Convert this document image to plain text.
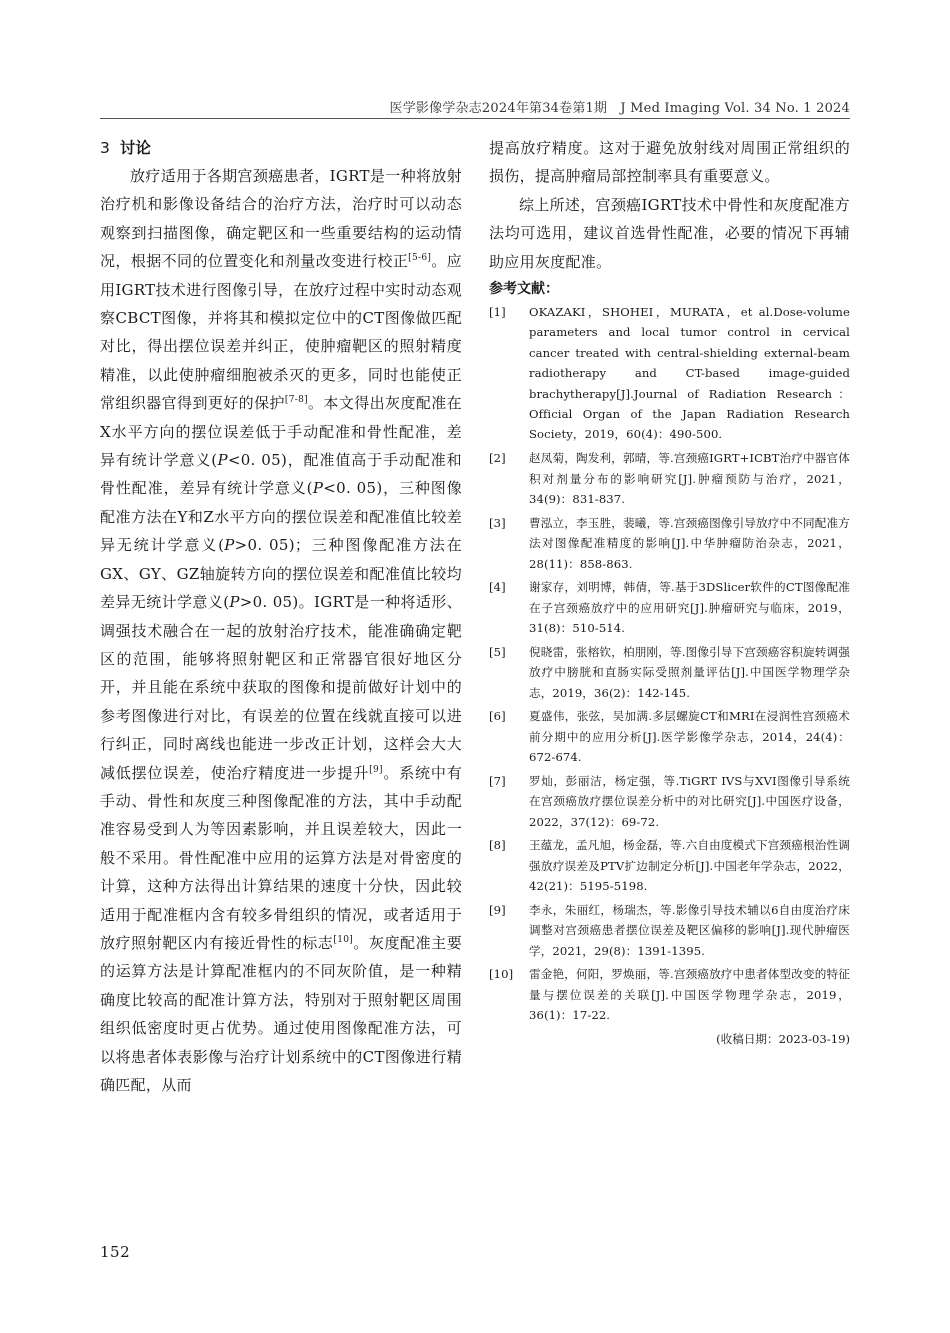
医学影像学杂志2024年第34卷第1期　J Med Imaging Vol. 34 No. 1 2024
3 讨论

放疗适用于各期宫颈癌患者，IGRT是一种将放射治疗机和影像设备结合的治疗方法，治疗时可以动态观察到扫描图像，确定靶区和一些重要结构的运动情况，根据不同的位置变化和剂量改变进行校正[5-6]。应用IGRT技术进行图像引导，在放疗过程中实时动态观察CBCT图像，并将其和模拟定位中的CT图像做匹配对比，得出摆位误差并纠正，使肿瘤靶区的照射精度精准，以此使肿瘤细胞被杀灭的更多，同时也能使正常组织器官得到更好的保护[7-8]。本文得出灰度配准在X水平方向的摆位误差低于手动配准和骨性配准，差异有统计学意义(P<0. 05)，配准值高于手动配准和骨性配准，差异有统计学意义(P<0. 05)，三种图像配准方法在Y和Z水平方向的摆位误差和配准值比较差异无统计学意义(P>0. 05)；三种图像配准方法在GX、GY、GZ轴旋转方向的摆位误差和配准值比较均差异无统计学意义(P>0. 05)。IGRT是一种将适形、调强技术融合在一起的放射治疗技术，能准确确定靶区的范围，能够将照射靶区和正常器官很好地区分开，并且能在系统中获取的图像和提前做好计划中的参考图像进行对比，有误差的位置在线就直接可以进行纠正，同时离线也能进一步改正计划，这样会大大减低摆位误差，使治疗精度进一步提升[9]。系统中有手动、骨性和灰度三种图像配准的方法，其中手动配准容易受到人为等因素影响，并且误差较大，因此一般不采用。骨性配准中应用的运算方法是对骨密度的计算，这种方法得出计算结果的速度十分快，因此较适用于配准框内含有较多骨组织的情况，或者适用于放疗照射靶区内有接近骨性的标志[10]。灰度配准主要的运算方法是计算配准框内的不同灰阶值，是一种精确度比较高的配准计算方法，特别对于照射靶区周围组织低密度时更占优势。通过使用图像配准方法，可以将患者体表影像与治疗计划系统中的CT图像进行精确匹配，从而

提高放疗精度。这对于避免放射线对周围正常组织的损伤，提高肿瘤局部控制率具有重要意义。

综上所述，宫颈癌IGRT技术中骨性和灰度配准方法均可选用，建议首选骨性配准，必要的情况下再辅助应用灰度配准。

参考文献：
[1]	OKAZAKI，SHOHEI，MURATA，et al.Dose-volume parameters and local tumor control in cervical cancer treated with central-shielding external-beam radiotherapy and CT-based image-guided brachytherapy[J].Journal of Radiation Research：Official Organ of the Japan Radiation Research Society，2019，60(4)：490-500.
[2]	赵凤菊，陶发利，郭晴，等.宫颈癌IGRT+ICBT治疗中器官体积对剂量分布的影响研究[J].肿瘤预防与治疗，2021，34(9)：831-837.
[3]	曹泓立，李玉胜，裴曦，等.宫颈癌图像引导放疗中不同配准方法对图像配准精度的影响[J].中华肿瘤防治杂志，2021，28(11)：858-863.
[4]	谢家存，刘明博，韩倩，等.基于3DSlicer软件的CT图像配准在子宫颈癌放疗中的应用研究[J].肿瘤研究与临床，2019，31(8)：510-514.
[5]	倪晓雷，张榕钦，柏朋刚，等.图像引导下宫颈癌容积旋转调强放疗中膀胱和直肠实际受照剂量评估[J].中国医学物理学杂志，2019，36(2)：142-145.
[6]	夏盛伟，张弦，吴加满.多层螺旋CT和MRI在浸润性宫颈癌术前分期中的应用分析[J].医学影像学杂志，2014，24(4)：672-674.
[7]	罗灿，彭丽洁，杨定强，等.TiGRT IVS与XVI图像引导系统在宫颈癌放疗摆位误差分析中的对比研究[J].中国医疗设备，2022，37(12)：69-72.
[8]	王蕴龙，孟凡旭，杨金磊，等.六自由度模式下宫颈癌根治性调强放疗误差及PTV扩边制定分析[J].中国老年学杂志，2022，42(21)：5195-5198.
[9]	李永，朱丽红，杨瑞杰，等.影像引导技术辅以6自由度治疗床调整对宫颈癌患者摆位误差及靶区偏移的影响[J].现代肿瘤医学，2021，29(8)：1391-1395.
[10]	雷金艳，何阳，罗焕丽，等.宫颈癌放疗中患者体型改变的特征量与摆位误差的关联[J].中国医学物理学杂志，2019，36(1)：17-22.
(收稿日期：2023-03-19)
152
